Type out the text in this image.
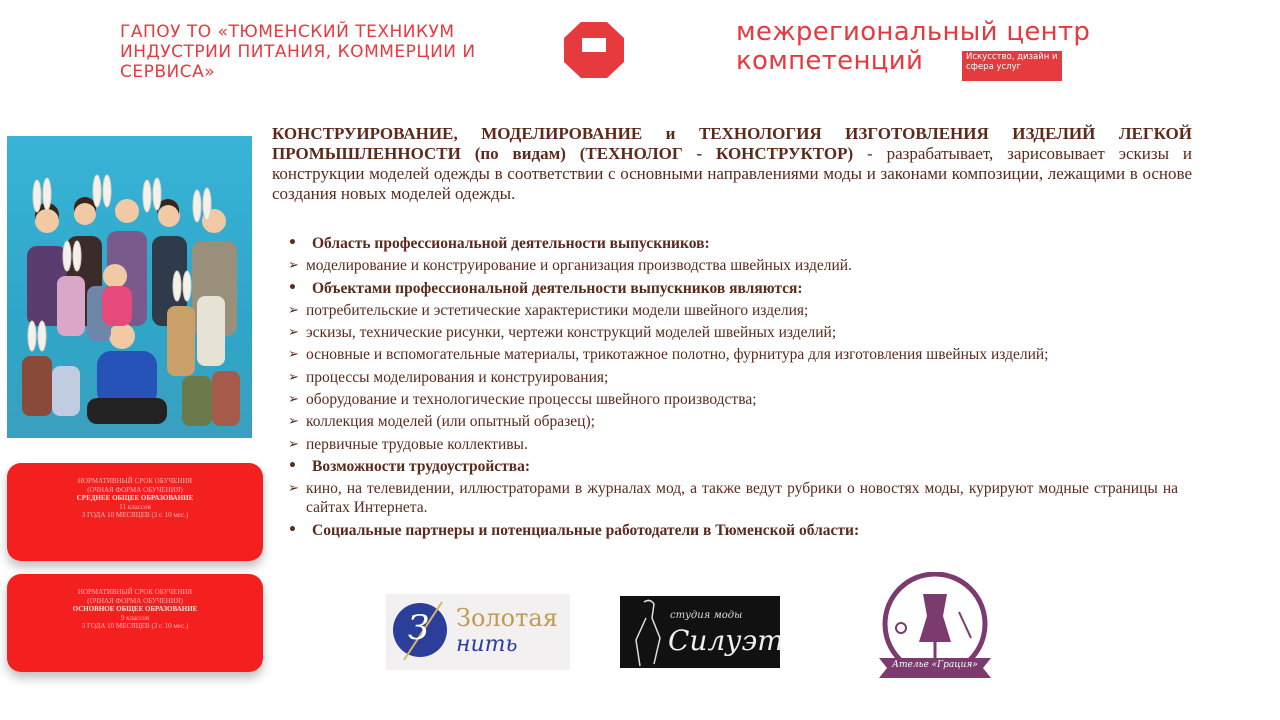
ГАПОУ ТО «ТЮМЕНСКИЙ ТЕХНИКУМ ИНДУСТРИИ ПИТАНИЯ, КОММЕРЦИИ И СЕРВИСА»
межрегиональный центр
компетенций	Искусство, дизайн и сфера услуг
КОНСТРУИРОВАНИЕ, МОДЕЛИРОВАНИЕ и ТЕХНОЛОГИЯ ИЗГОТОВЛЕНИЯ ИЗДЕЛИЙ ЛЕГКОЙ ПРОМЫШЛЕННОСТИ (по видам) (ТЕХНОЛОГ - КОНСТРУКТОР) - разрабатывает, зарисовывает эскизы и конструкции моделей одежды в соответствии с основными направлениями моды и законами композиции, лежащими в основе создания новых моделей одежды.
• Область профессиональной деятельности выпускников:
➢ моделирование и конструирование и организация производства швейных изделий.
• Объектами профессиональной деятельности выпускников являются:
➢ потребительские и эстетические характеристики модели швейного изделия;
➢ эскизы, технические рисунки, чертежи конструкций моделей швейных изделий;
➢ основные и вспомогательные материалы, трикотажное полотно, фурнитура для изготовления швейных изделий;
➢ процессы моделирования и конструирования;
➢ оборудование и технологические процессы швейного производства;
➢ коллекция моделей (или опытный образец);
➢ первичные трудовые коллективы.
• Возможности трудоустройства:
➢ кино, на телевидении, иллюстраторами в журналах мод, а также ведут рубрики о новостях моды, курируют модные страницы на сайтах Интернета.
• Социальные партнеры и потенциальные работодатели в Тюменской области:
НОРМАТИВНЫЙ СРОК ОБУЧЕНИЯ
(ОЧНАЯ ФОРМА ОБУЧЕНИЯ)
СРЕДНЕЕ ОБЩЕЕ ОБРАЗОВАНИЕ
11 классов
3 ГОДА 10 МЕСЯЦЕВ (3 г. 10 мес.)
НОРМАТИВНЫЙ СРОК ОБУЧЕНИЯ
(ОЧНАЯ ФОРМА ОБУЧЕНИЯ)
ОСНОВНОЕ ОБЩЕЕ ОБРАЗОВАНИЕ
9 классов
3 ГОДА 10 МЕСЯЦЕВ (3 г. 10 мес.)	З Золотая
нить
студия моды
Силуэт
Ателье «Грация»
